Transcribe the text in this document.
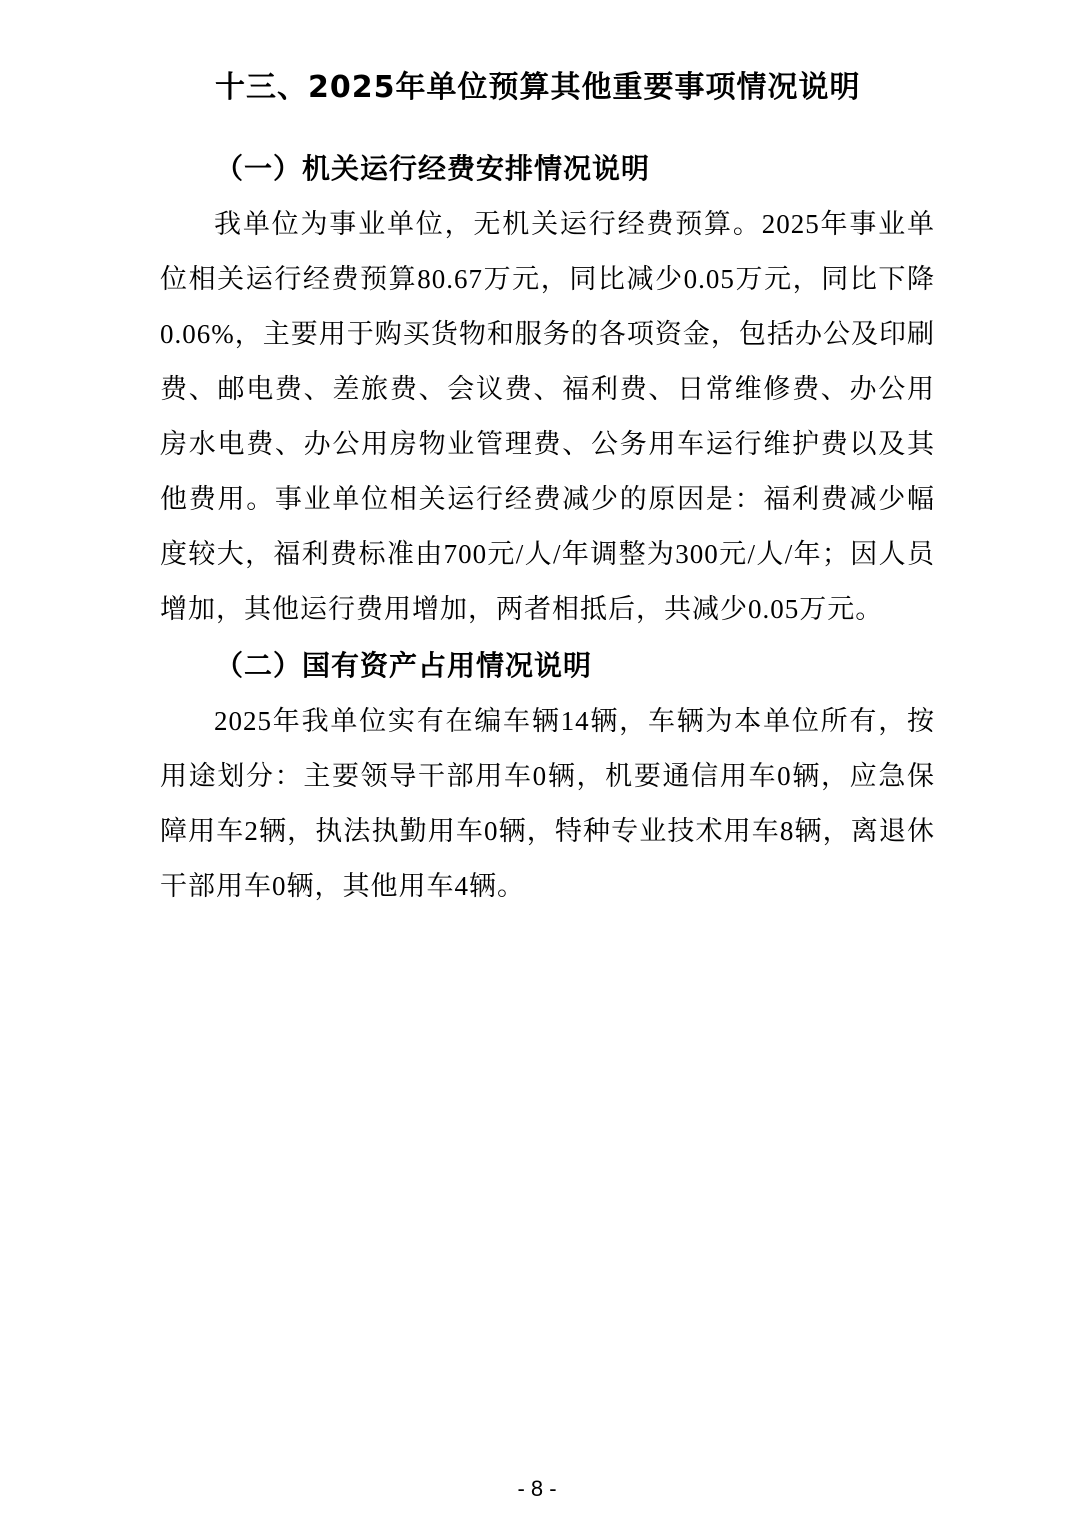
十三、2025年单位预算其他重要事项情况说明
（一）机关运行经费安排情况说明

我单位为事业单位，无机关运行经费预算。2025年事业单位相关运行经费预算80.67万元，同比减少0.05万元，同比下降0.06%，主要用于购买货物和服务的各项资金，包括办公及印刷费、邮电费、差旅费、会议费、福利费、日常维修费、办公用房水电费、办公用房物业管理费、公务用车运行维护费以及其他费用。事业单位相关运行经费减少的原因是：福利费减少幅度较大，福利费标准由700元/人/年调整为300元/人/年；因人员增加，其他运行费用增加，两者相抵后，共减少0.05万元。

（二）国有资产占用情况说明

2025年我单位实有在编车辆14辆，车辆为本单位所有，按用途划分：主要领导干部用车0辆，机要通信用车0辆，应急保障用车2辆，执法执勤用车0辆，特种专业技术用车8辆，离退休干部用车0辆，其他用车4辆。

- 8 -
